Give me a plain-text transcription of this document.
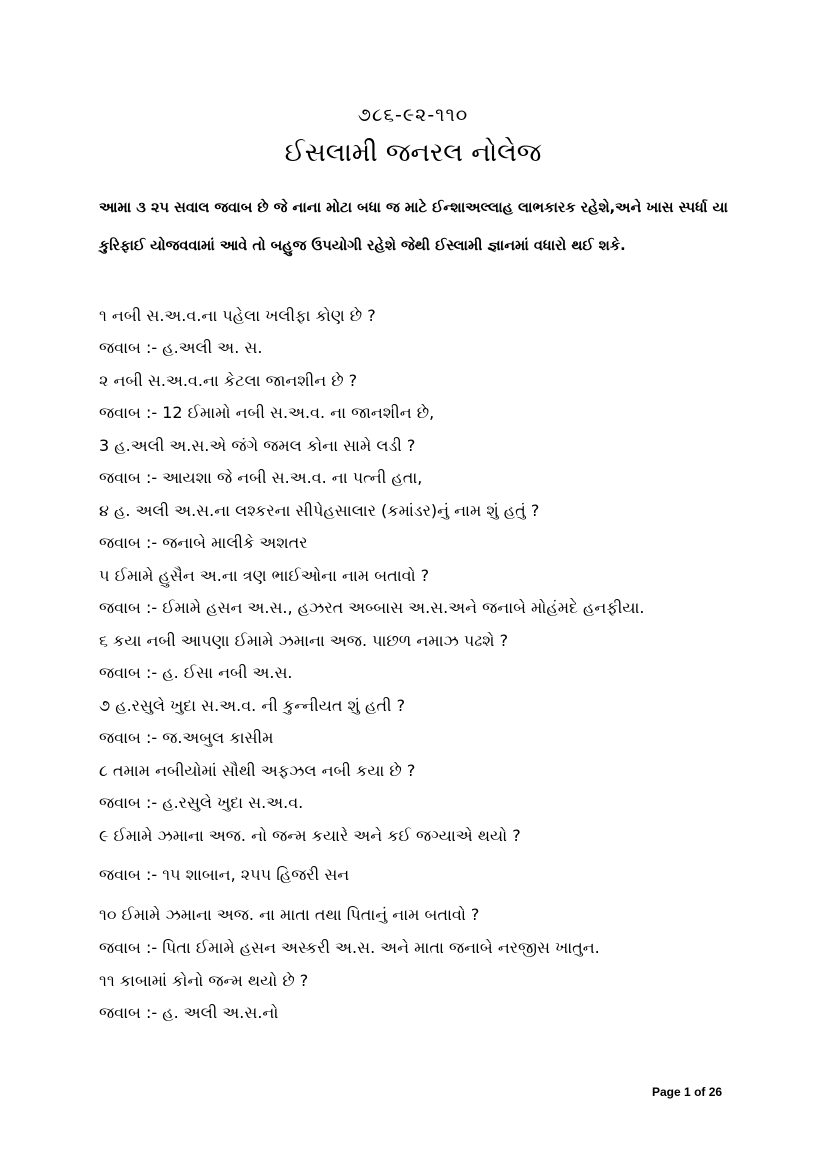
૭૮૬-૯૨-૧૧૦
ઈસલામી જનરલ નોલેજ
આમા ૩ ૨૫ સવાલ જવાબ છે જે નાના મોટા બધા જ માટે ઈન્શાઅલ્લાહ લાભકારક રહેશે,અને ખાસ સ્પર્ધા યા
કુરિફાઈ યોજવવામાં આવે તો બહુજ ઉપયોગી રહેશે જેથી ઈસ્લામી જ્ઞાનમાં વધારો થઈ શકે.
૧ નબી સ.અ.વ.ના પહેલા ખલીફા કોણ છે ?
જવાબ :- હ.અલી અ. સ.
૨ નબી સ.અ.વ.ના કેટલા જાનશીન છે ?
જવાબ :- 12 ઈમામો નબી સ.અ.વ. ના જાનશીન છે,
3 હ.અલી અ.સ.એ જંગે જમલ કોના સામે લડી ?
જવાબ :- આયશા જે નબી સ.અ.વ. ના પત્ની હતા,
૪ હ. અલી અ.સ.ના લશ્કરના સીપેહસાલાર (કમાંડર)નું નામ શું હતું ?
જવાબ :- જનાબે માલીકે અશતર
૫ ઈમામે હુસૈન અ.ના ત્રણ ભાઈઓના નામ બતાવો ?
જવાબ :- ઈમામે હસન અ.સ., હઝરત અબ્બાસ અ.સ.અને જનાબે મોહંમદે હનફીયા.
૬ કયા નબી આપણા ઈમામે ઝમાના અજ. પાછળ નમાઝ પઢશે ?
જવાબ :- હ. ઈસા નબી અ.સ.
૭ હ.રસુલે ખુદા સ.અ.વ. ની કુન્નીયત શું હતી ?
જવાબ :- જ.અબુલ કાસીમ
૮ તમામ નબીયોમાં સૌથી અફઝલ નબી કયા છે ?
જવાબ :- હ.રસુલે ખુદા સ.અ.વ.
૯ ઈમામે ઝમાના અજ. નો જન્મ કયારે અને કઈ જગ્યાએ થયો ?
જવાબ :- ૧૫ શાબાન, ૨૫૫ હિજરી સન
૧૦ ઈમામે ઝમાના અજ. ના માતા તથા પિતાનું નામ બતાવો ?
જવાબ :- પિતા ઈમામે હસન અસ્કરી અ.સ. અને માતા જનાબે નરજીસ ખાતુન.
૧૧ કાબામાં કોનો જન્મ થયો છે ?
જવાબ :- હ. અલી અ.સ.નો
Page 1 of 26
